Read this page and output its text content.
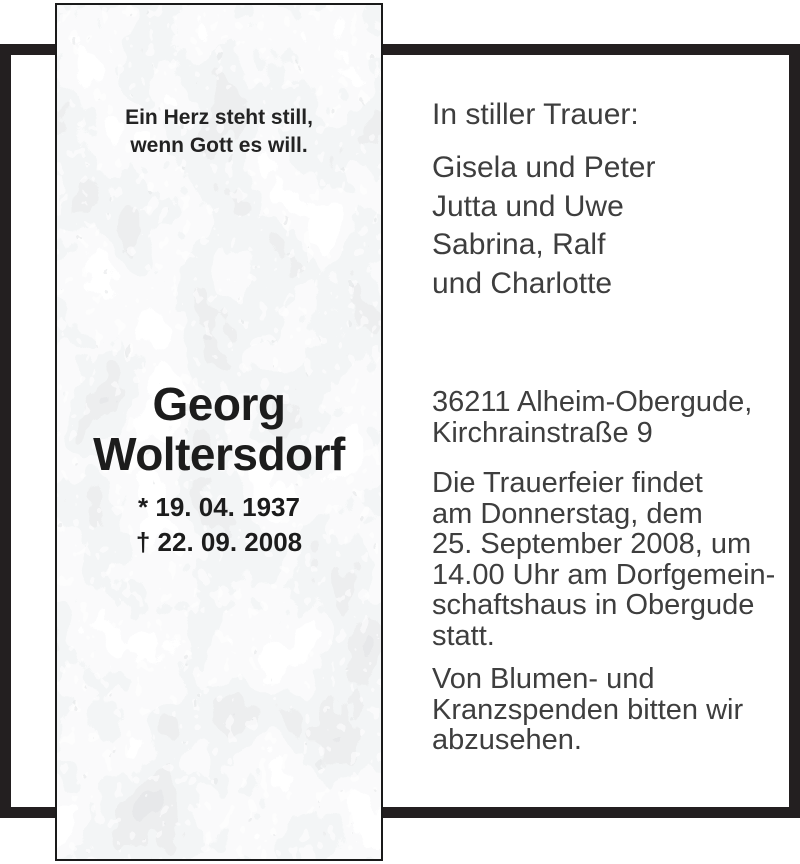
Ein Herz steht still,
wenn Gott es will.
Georg
Woltersdorf
* 19. 04. 1937
† 22. 09. 2008
In stiller Trauer:
Gisela und Peter
Jutta und Uwe
Sabrina, Ralf
und Charlotte
36211 Alheim-Obergude,
Kirchrainstraße 9
Die Trauerfeier findet
am Donnerstag, dem
25. September 2008, um
14.00 Uhr am Dorfgemein-
schaftshaus in Obergude
statt.
Von Blumen- und
Kranzspenden bitten wir
abzusehen.
